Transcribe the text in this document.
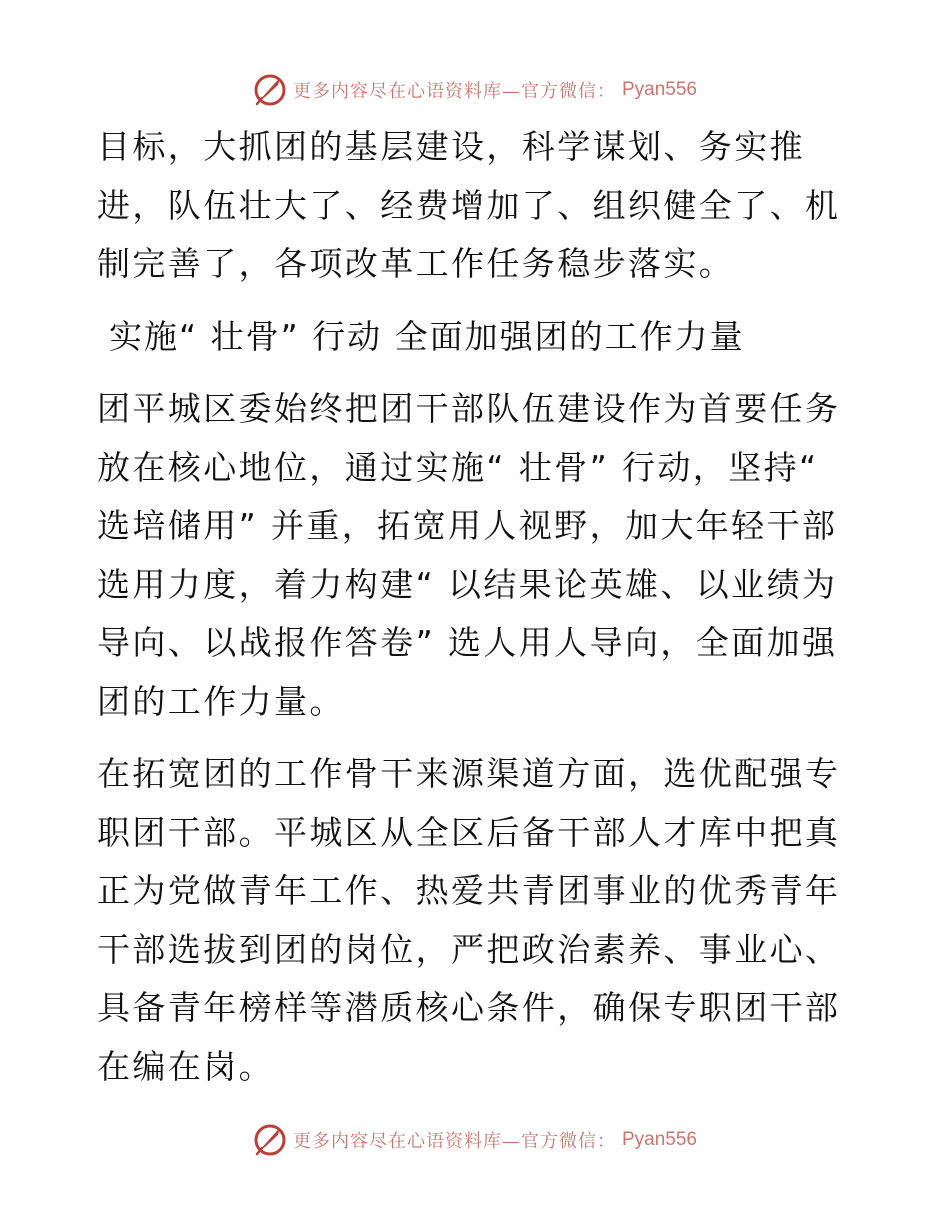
更多内容尽在心语资料库—官方微信： Pyan556

目标，大抓团的基层建设，科学谋划、务实推进，队伍壮大了、经费增加了、组织健全了、机制完善了，各项改革工作任务稳步落实。

实施“ 壮骨” 行动 全面加强团的工作力量

团平城区委始终把团干部队伍建设作为首要任务放在核心地位，通过实施“ 壮骨” 行动，坚持“ 选培储用” 并重，拓宽用人视野，加大年轻干部选用力度，着力构建“ 以结果论英雄、以业绩为导向、以战报作答卷” 选人用人导向，全面加强团的工作力量。

在拓宽团的工作骨干来源渠道方面，选优配强专职团干部。平城区从全区后备干部人才库中把真正为党做青年工作、热爱共青团事业的优秀青年干部选拔到团的岗位，严把政治素养、事业心、具备青年榜样等潜质核心条件，确保专职团干部在编在岗。

更多内容尽在心语资料库—官方微信： Pyan556
